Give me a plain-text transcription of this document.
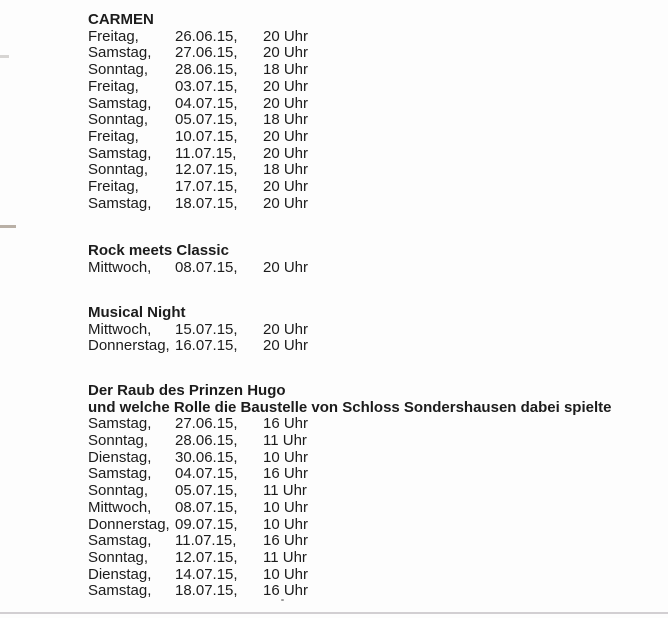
CARMEN
Freitag,	26.06.15,	20 Uhr
Samstag,	27.06.15,	20 Uhr
Sonntag,	28.06.15,	18 Uhr
Freitag,	03.07.15,	20 Uhr
Samstag,	04.07.15,	20 Uhr
Sonntag,	05.07.15,	18 Uhr
Freitag,	10.07.15,	20 Uhr
Samstag,	11.07.15,	20 Uhr
Sonntag,	12.07.15,	18 Uhr
Freitag,	17.07.15,	20 Uhr
Samstag,	18.07.15,	20 Uhr
Rock meets Classic
Mittwoch,	08.07.15,	20 Uhr
Musical Night
Mittwoch,	15.07.15,	20 Uhr
Donnerstag, 16.07.15,	20 Uhr
Der Raub des Prinzen Hugo
und welche Rolle die Baustelle von Schloss Sondershausen dabei spielte
Samstag,	27.06.15,	16 Uhr
Sonntag,	28.06.15,	11 Uhr
Dienstag,	30.06.15,	10 Uhr
Samstag,	04.07.15,	16 Uhr
Sonntag,	05.07.15,	11 Uhr
Mittwoch,	08.07.15,	10 Uhr
Donnerstag, 09.07.15,	10 Uhr
Samstag,	11.07.15,	16 Uhr
Sonntag,	12.07.15,	11 Uhr
Dienstag,	14.07.15,	10 Uhr
Samstag,	18.07.15,	16 Uhr
